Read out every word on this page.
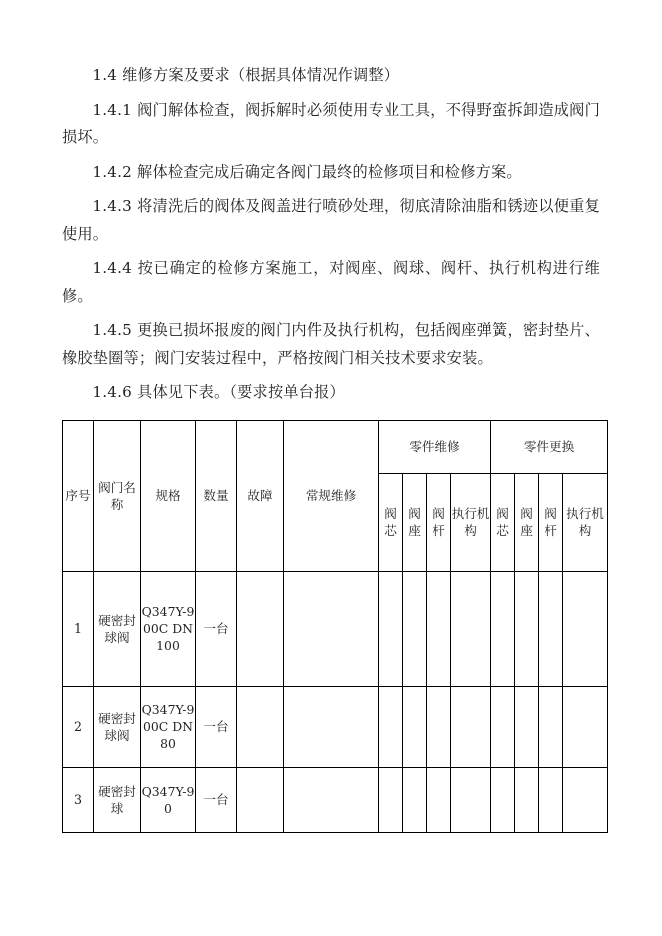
1.4 维修方案及要求（根据具体情况作调整）

1.4.1 阀门解体检查，阀拆解时必须使用专业工具，不得野蛮拆卸造成阀门损坏。

1.4.2 解体检查完成后确定各阀门最终的检修项目和检修方案。

1.4.3 将清洗后的阀体及阀盖进行喷砂处理，彻底清除油脂和锈迹以便重复使用。

1.4.4 按已确定的检修方案施工，对阀座、阀球、阀杆、执行机构进行维修。

1.4.5 更换已损坏报废的阀门内件及执行机构，包括阀座弹簧，密封垫片、橡胶垫圈等；阀门安装过程中，严格按阀门相关技术要求安装。

1.4.6 具体见下表。（要求按单台报）

序号	阀门名称	规格	数量	故障	常规维修	零件维修				零件更换			

						阀芯	阀座	阀杆	执行机构	阀芯	阀座	阀杆	执行机构

1	硬密封球阀	Q347Y-900C DN100	一台										
2	硬密封球阀	Q347Y-900C DN80	一台										
3	硬密封球	Q347Y-90	一台										
